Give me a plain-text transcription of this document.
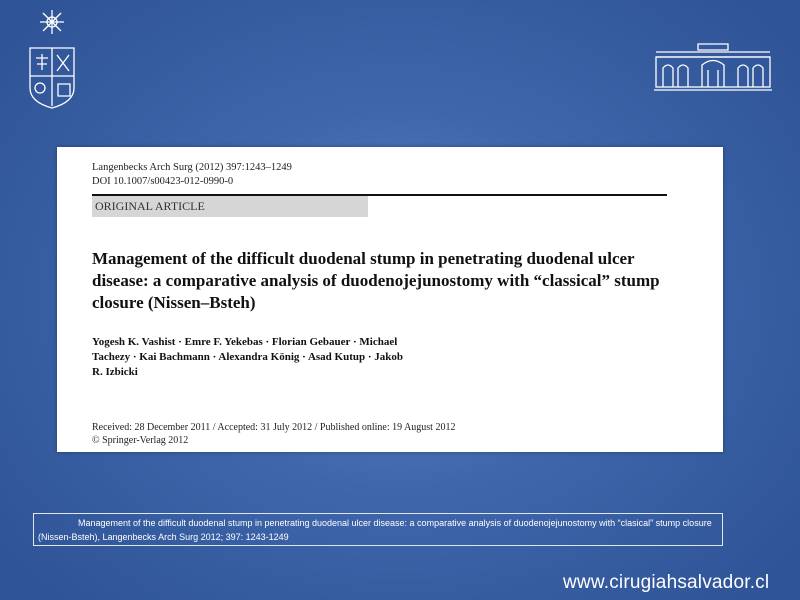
Langenbecks Arch Surg (2012) 397:1243–1249
DOI 10.1007/s00423-012-0990-0
ORIGINAL ARTICLE
Management of the difficult duodenal stump in penetrating duodenal ulcer disease: a comparative analysis of duodenojejunostomy with “classical” stump closure (Nissen–Bsteh)
Yogesh K. Vashist · Emre F. Yekebas · Florian Gebauer · Michael Tachezy · Kai Bachmann · Alexandra König · Asad Kutup · Jakob R. Izbicki
Received: 28 December 2011 / Accepted: 31 July 2012 / Published online: 19 August 2012
© Springer-Verlag 2012
Management of the difficult duodenal stump in penetrating duodenal ulcer disease: a comparative analysis of duodenojejunostomy with “clasical” stump closure (Nissen-Bsteh), Langenbecks Arch Surg 2012; 397: 1243-1249
www.cirugiahsalvador.cl
